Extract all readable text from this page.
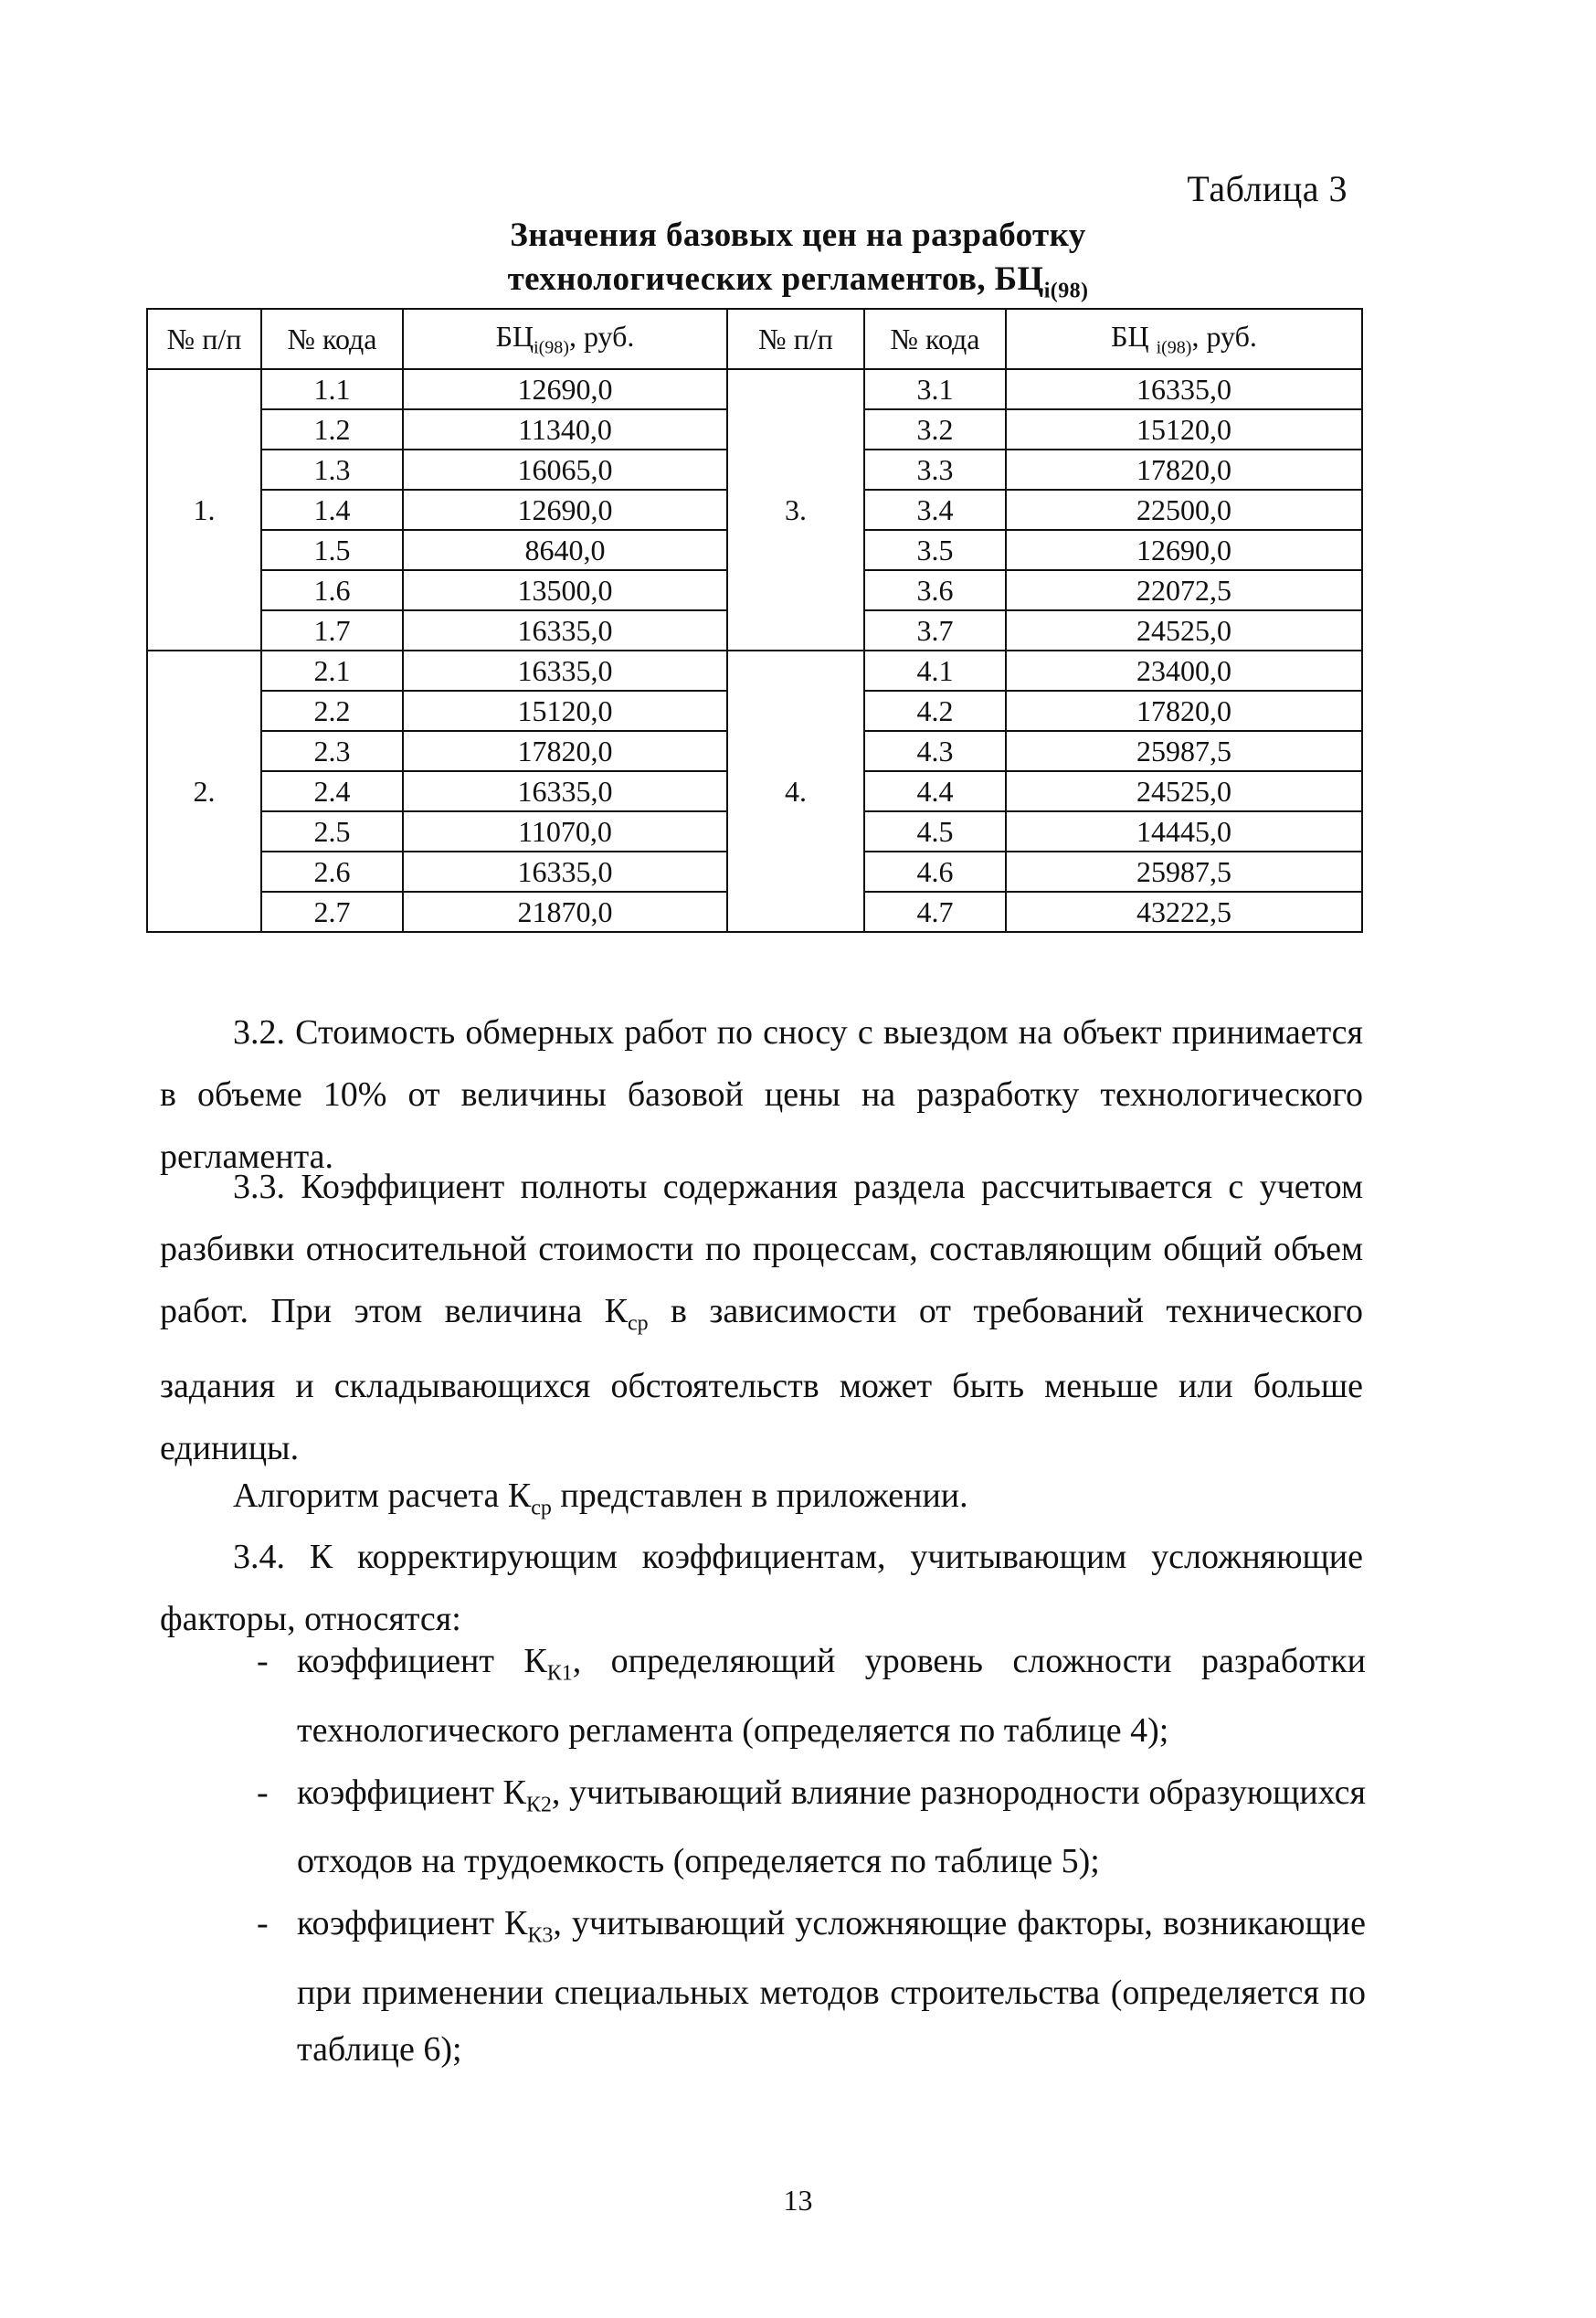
Таблица 3
Значения базовых цен на разработку
технологических регламентов, $БЦ_{i(98)}$
№ п/п	№ кода	$БЦ_{i(98)}$, руб.	№ п/п	№ кода	БЦ $_{i(98)}$, руб.
1.	1.1	12690,0	3.	3.1	16335,0
	1.2	11340,0		3.2	15120,0
	1.3	16065,0		3.3	17820,0
	1.4	12690,0		3.4	22500,0
	1.5	8640,0		3.5	12690,0
	1.6	13500,0		3.6	22072,5
	1.7	16335,0		3.7	24525,0
2.	2.1	16335,0	4.	4.1	23400,0
	2.2	15120,0		4.2	17820,0
	2.3	17820,0		4.3	25987,5
	2.4	16335,0		4.4	24525,0
	2.5	11070,0		4.5	14445,0
	2.6	16335,0		4.6	25987,5
	2.7	21870,0		4.7	43222,5
3.2. Стоимость обмерных работ по сносу с выездом на объект принимается в объеме 10% от величины базовой цены на разработку технологического регламента.
3.3. Коэффициент полноты содержания раздела рассчитывается с учетом разбивки относительной стоимости по процессам, составляющим общий объем работ. При этом величина $К_{ср}$ в зависимости от требований технического задания и складывающихся обстоятельств может быть меньше или больше единицы.
Алгоритм расчета $К_{ср}$ представлен в приложении.
3.4. К корректирующим коэффициентам, учитывающим усложняющие факторы, относятся:
- коэффициент $К_{К1}$, определяющий уровень сложности разработки технологического регламента (определяется по таблице 4);
- коэффициент $К_{К2}$, учитывающий влияние разнородности образующихся отходов на трудоемкость (определяется по таблице 5);
- коэффициент $К_{К3}$, учитывающий усложняющие факторы, возникающие при применении специальных методов строительства (определяется по таблице 6);
13
